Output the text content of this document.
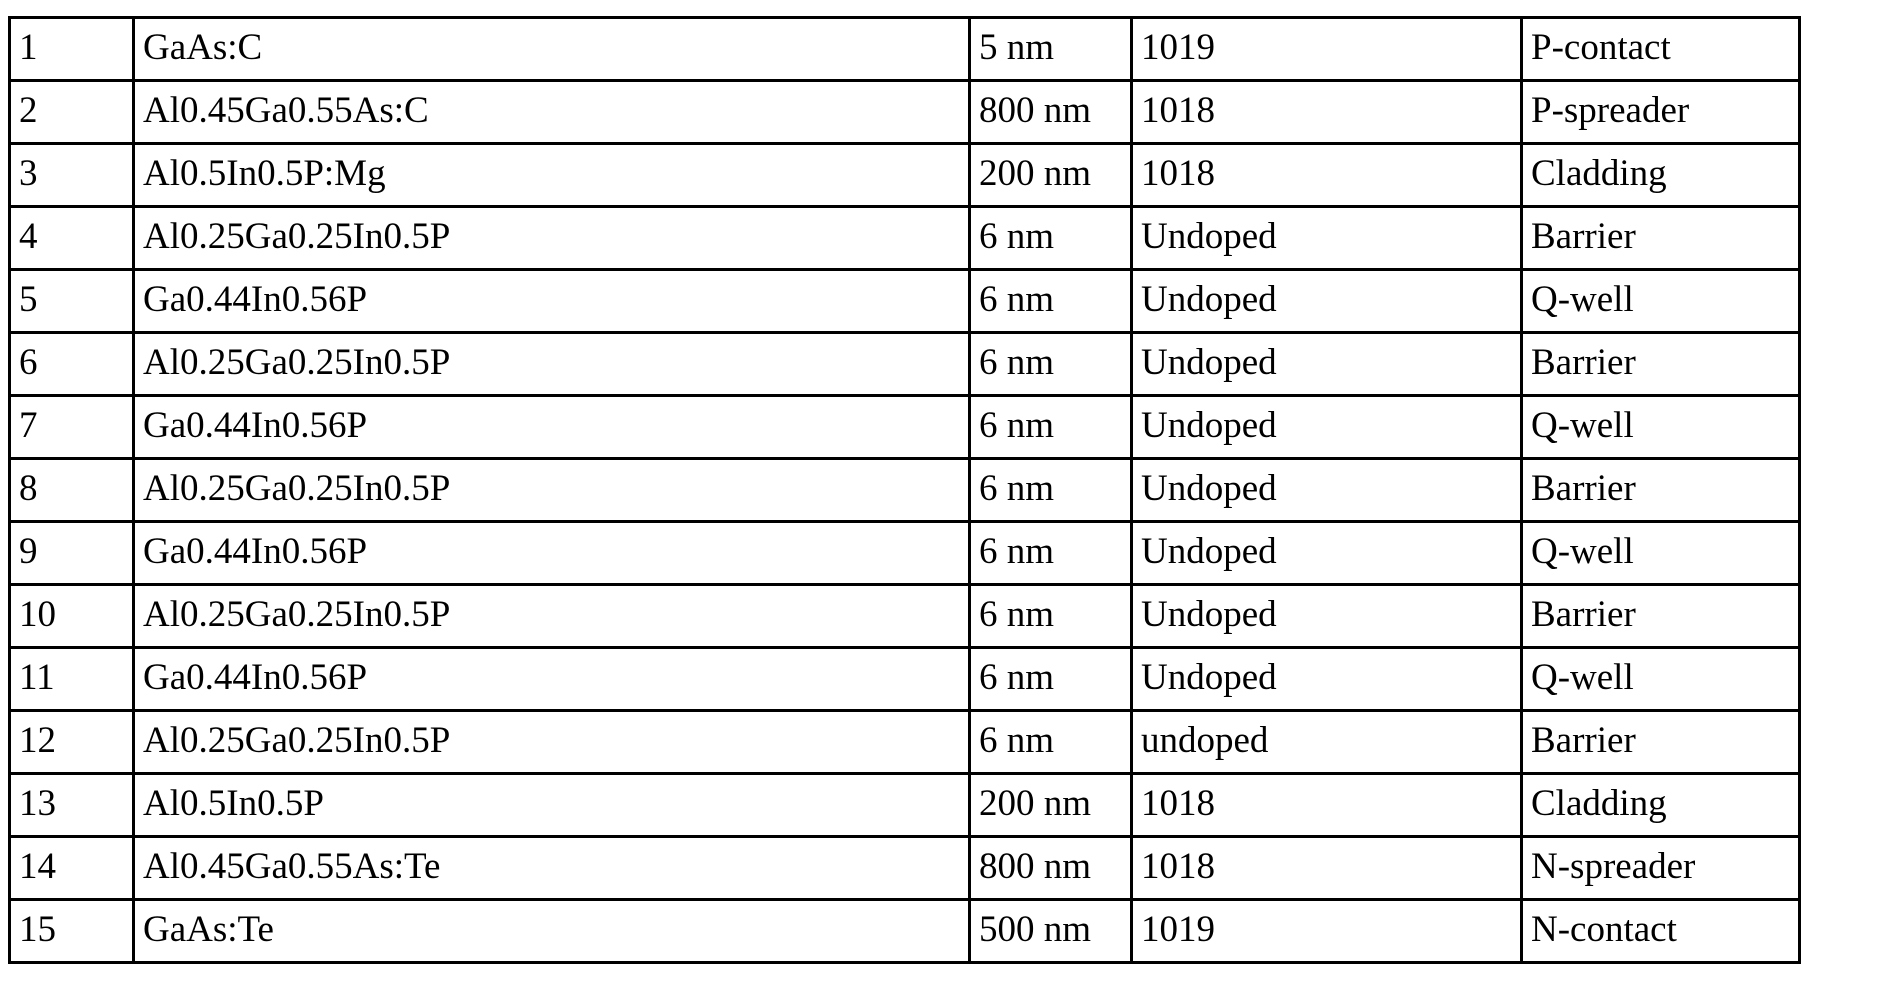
1	GaAs:C	5 nm	1019	P-contact
2	Al0.45Ga0.55As:C	800 nm	1018	P-spreader
3	Al0.5In0.5P:Mg	200 nm	1018	Cladding
4	Al0.25Ga0.25In0.5P	6 nm	Undoped	Barrier
5	Ga0.44In0.56P	6 nm	Undoped	Q-well
6	Al0.25Ga0.25In0.5P	6 nm	Undoped	Barrier
7	Ga0.44In0.56P	6 nm	Undoped	Q-well
8	Al0.25Ga0.25In0.5P	6 nm	Undoped	Barrier
9	Ga0.44In0.56P	6 nm	Undoped	Q-well
10	Al0.25Ga0.25In0.5P	6 nm	Undoped	Barrier
11	Ga0.44In0.56P	6 nm	Undoped	Q-well
12	Al0.25Ga0.25In0.5P	6 nm	undoped	Barrier
13	Al0.5In0.5P	200 nm	1018	Cladding
14	Al0.45Ga0.55As:Te	800 nm	1018	N-spreader
15	GaAs:Te	500 nm	1019	N-contact
